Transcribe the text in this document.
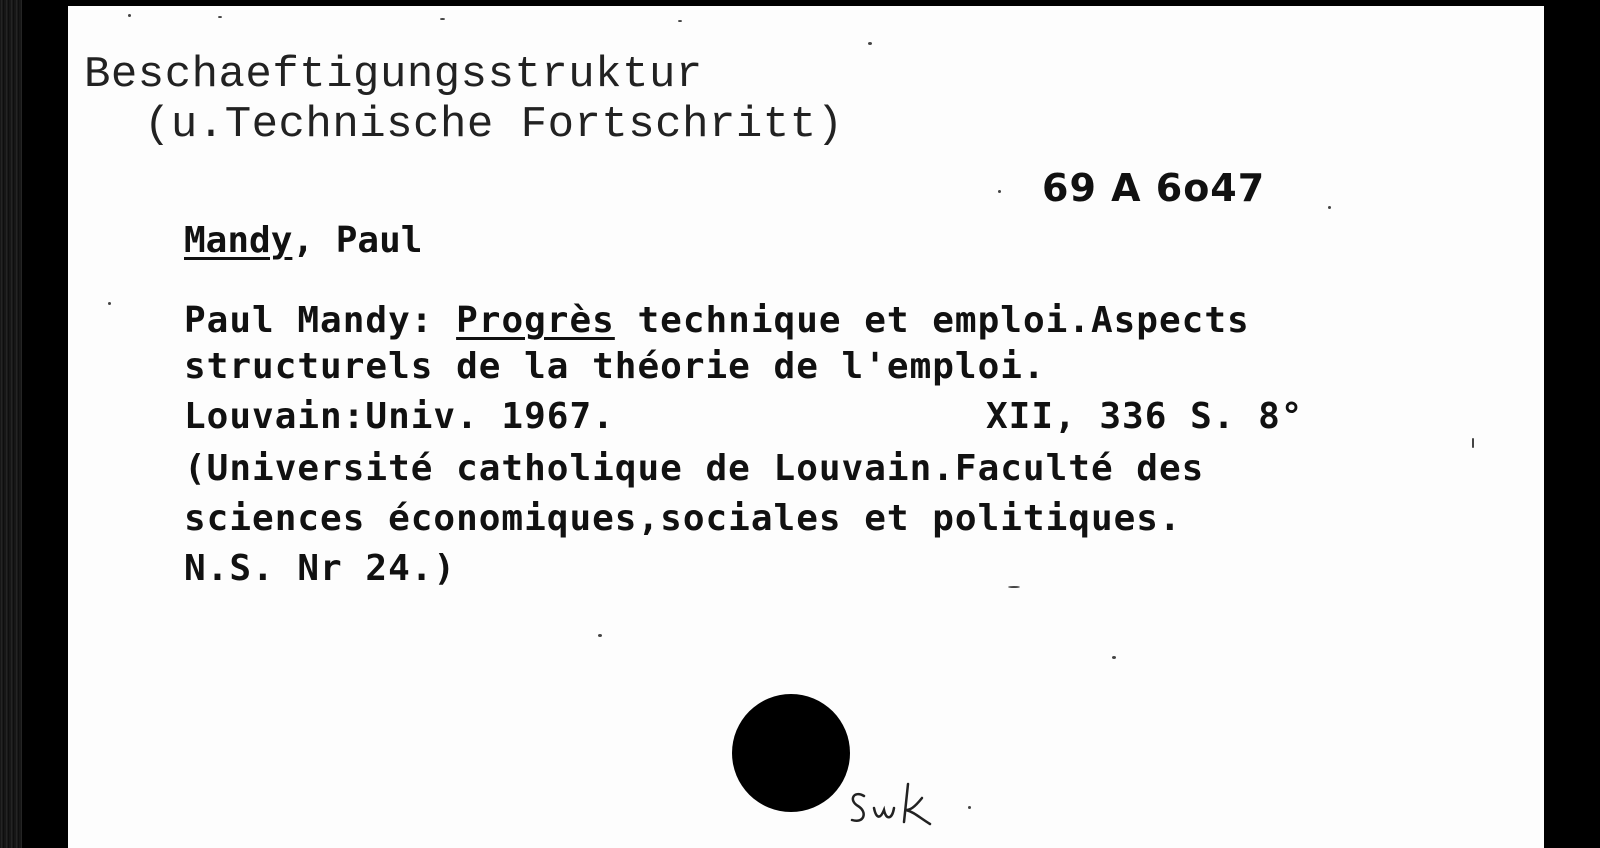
Beschaeftigungsstruktur

(u.Technische Fortschritt)

69 A 6o47

Mandy, Paul

Paul Mandy: Progrès technique et emploi.Aspects

structurels de la théorie de l'emploi.

Louvain:Univ. 1967.	XII, 336 S. 8°

(Université catholique de Louvain.Faculté des

sciences économiques,sociales et politiques.

N.S. Nr 24.)
